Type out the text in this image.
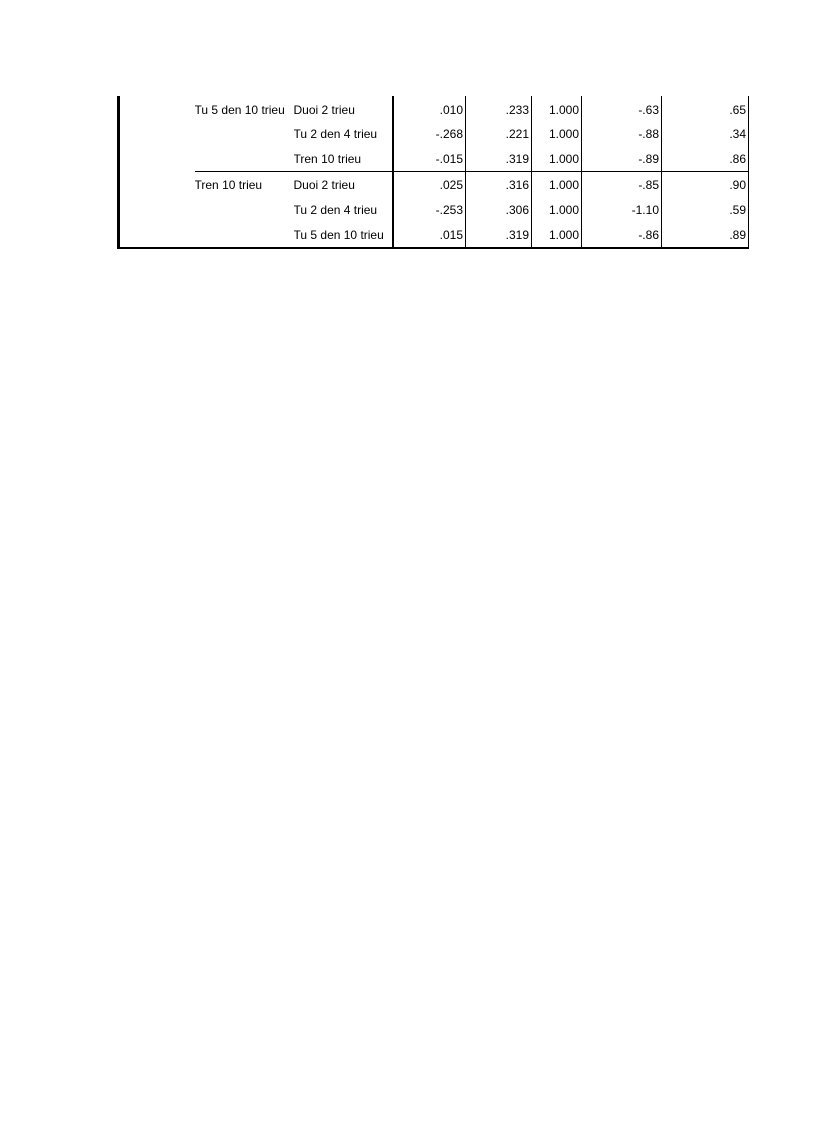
	Tu 5 den 10 trieu	Duoi 2 trieu	.010	.233	1.000	-.63	.65
		Tu 2 den 4 trieu	-.268	.221	1.000	-.88	.34
		Tren 10 trieu	-.015	.319	1.000	-.89	.86
	Tren 10 trieu	Duoi 2 trieu	.025	.316	1.000	-.85	.90
		Tu 2 den 4 trieu	-.253	.306	1.000	-1.10	.59
		Tu 5 den 10 trieu	.015	.319	1.000	-.86	.89
